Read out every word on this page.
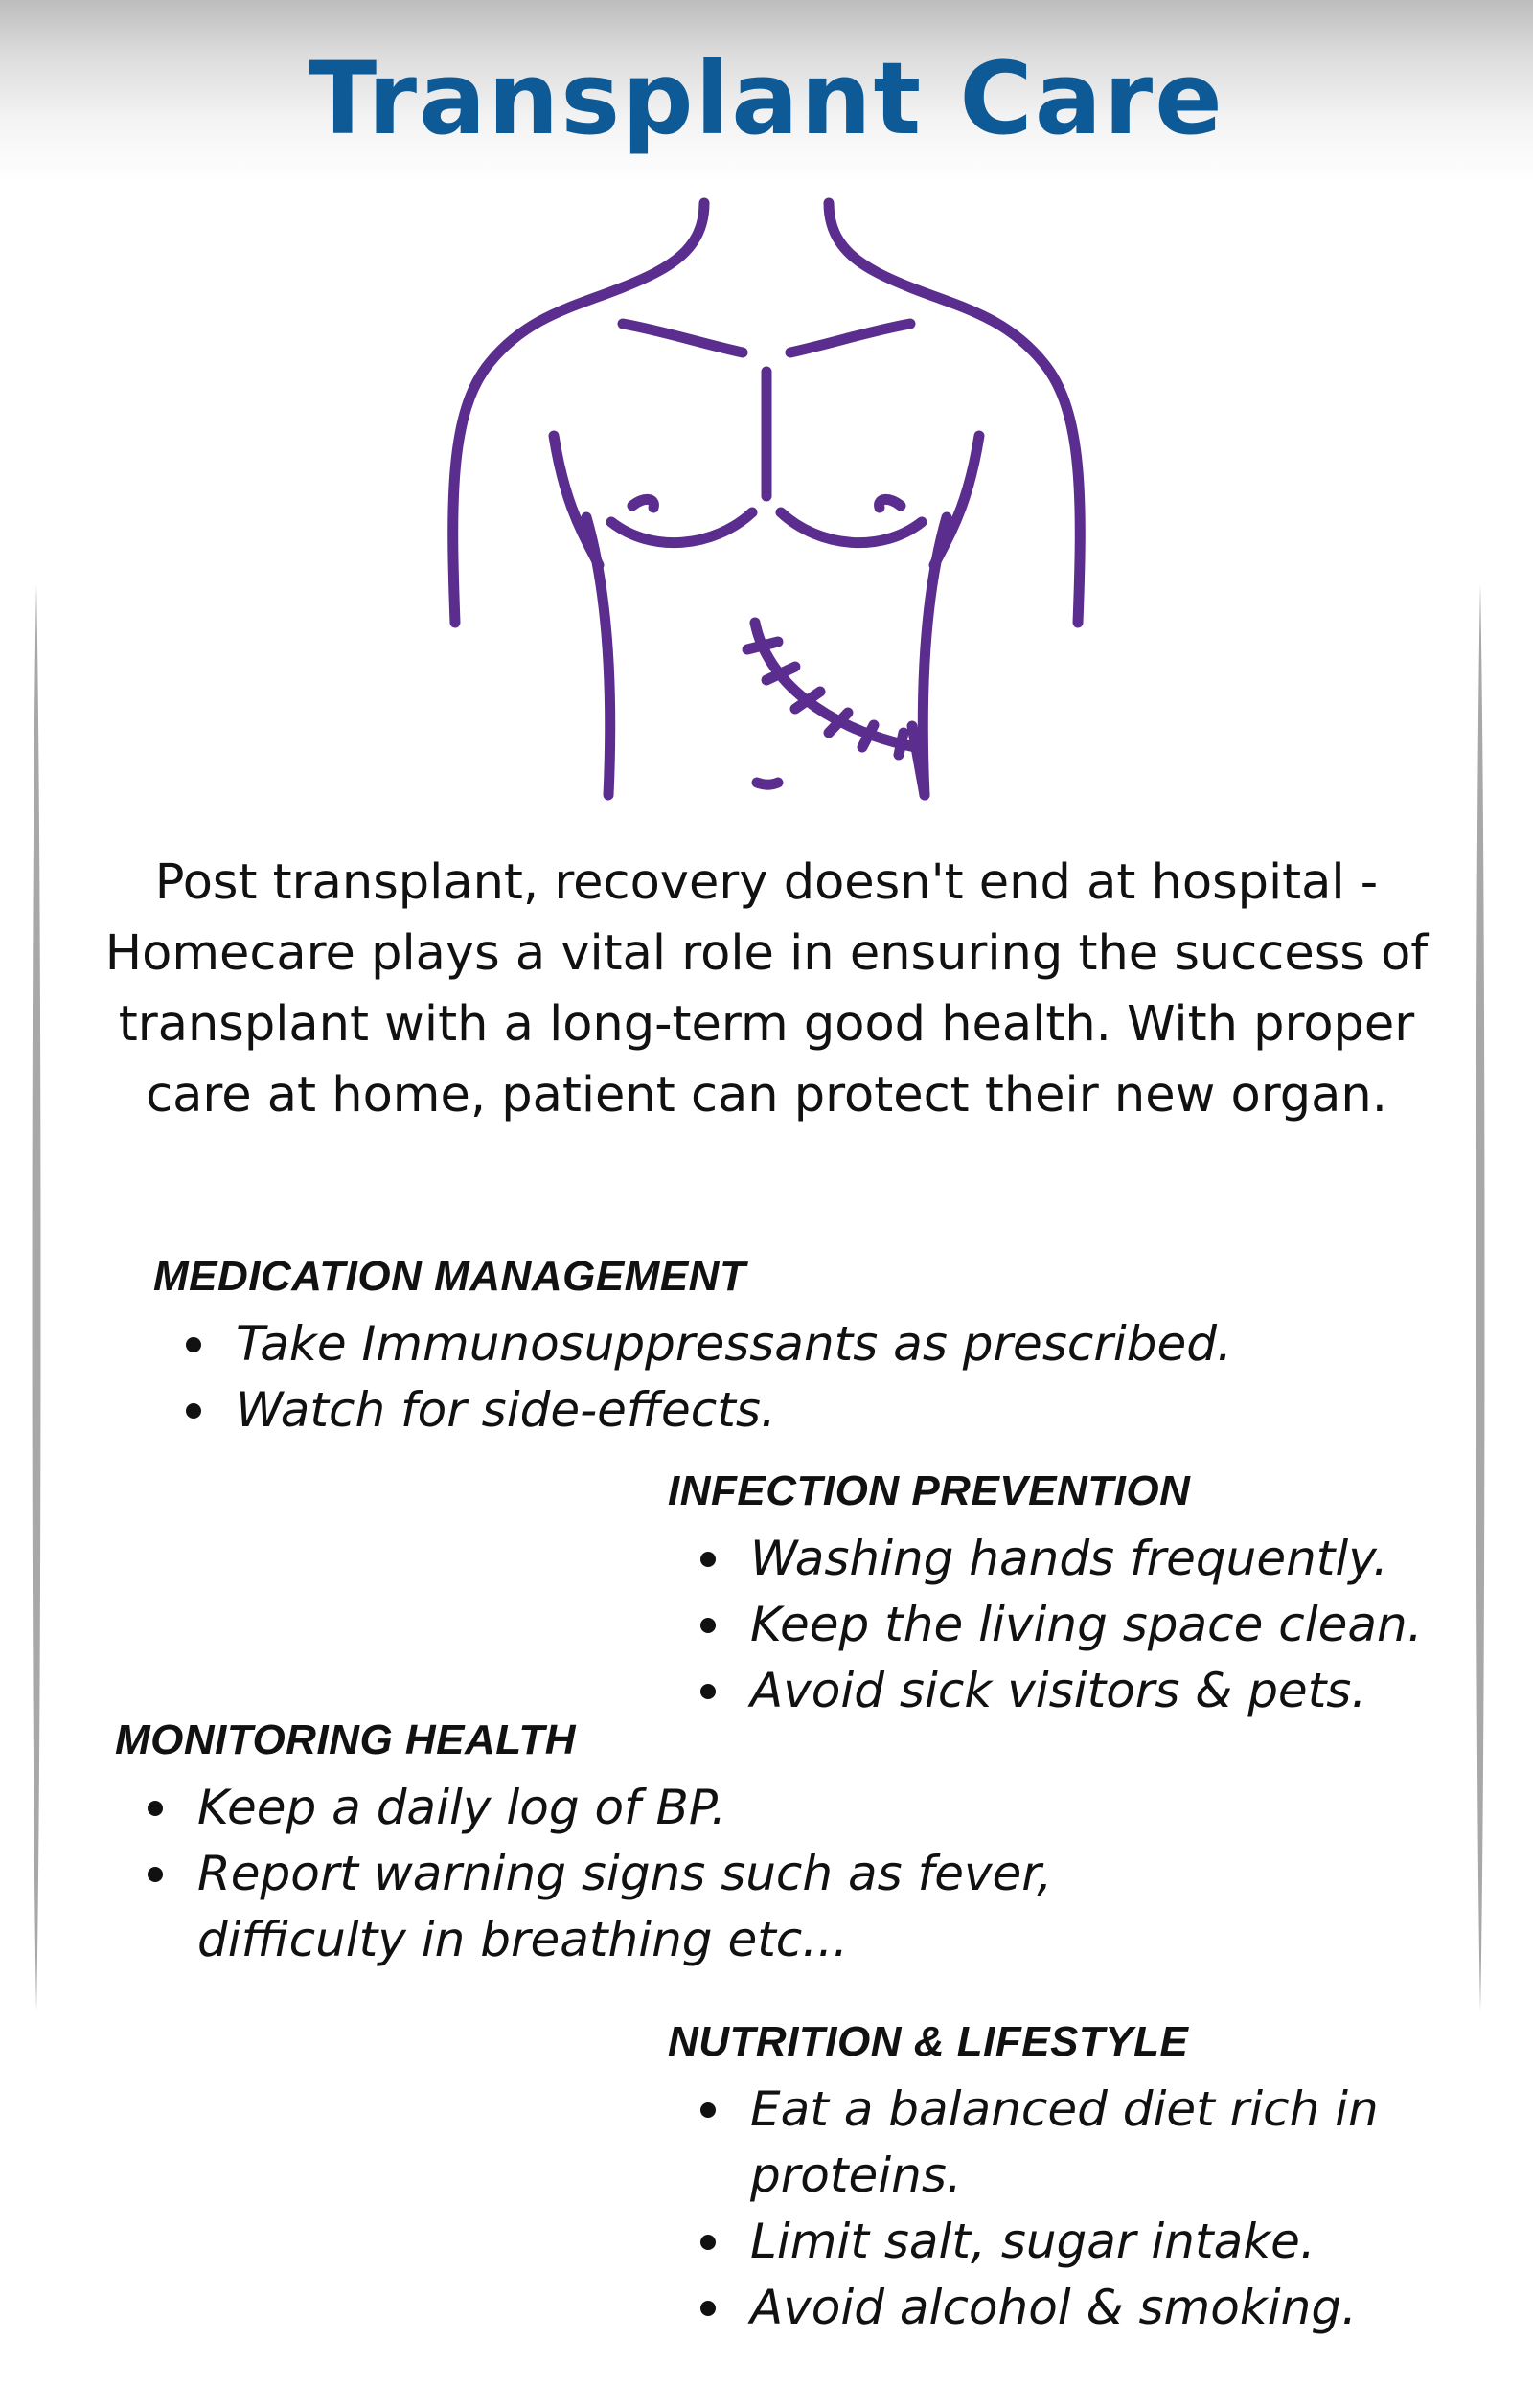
Transplant Care
Post transplant, recovery doesn't end at hospital - Homecare plays a vital role in ensuring the success of transplant with a long-term good health. With proper care at home, patient can protect their new organ.
MEDICATION MANAGEMENT
Take Immunosuppressants as prescribed.
Watch for side-effects.
INFECTION PREVENTION
Washing hands frequently.
Keep the living space clean.
Avoid sick visitors & pets.
MONITORING HEALTH
Keep a daily log of BP.
Report warning signs such as fever, difficulty in breathing etc...
NUTRITION & LIFESTYLE
Eat a balanced diet rich in proteins.
Limit salt, sugar intake.
Avoid alcohol & smoking.
